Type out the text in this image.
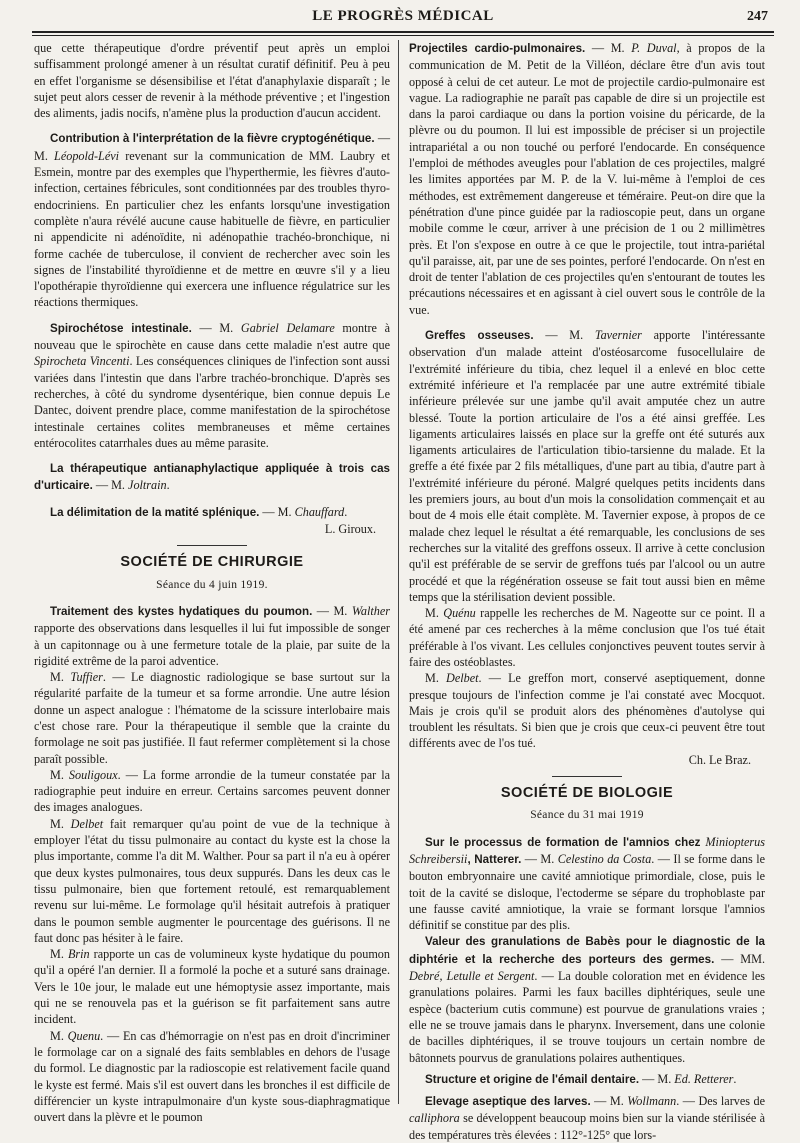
LE PROGRÈS MÉDICAL	247

que cette thérapeutique d'ordre préventif peut après un emploi suffisamment prolongé amener à un résultat curatif définitif. Peu à peu en effet l'organisme se désensibilise et l'état d'anaphylaxie disparaît ; le sujet peut alors cesser de revenir à la méthode préventive ; et l'ingestion des aliments, jadis nocifs, n'amène plus la production d'aucun accident.

Contribution à l'interprétation de la fièvre cryptogénétique. — M. Léopold-Lévi revenant sur la communication de MM. Laubry et Esmein, montre par des exemples que l'hyperthermie, les fièvres d'auto-infection, certaines fébricules, sont conditionnées par des troubles thyro-endocriniens. En particulier chez les enfants lorsqu'une investigation complète n'aura révélé aucune cause habituelle de fièvre, en particulier ni appendicite ni adénoïdite, ni adénopathie trachéo-bronchique, ni forme cachée de tuberculose, il convient de rechercher avec soin les signes de l'instabilité thyroïdienne et de mettre en œuvre s'il y a lieu l'opothérapie thyroïdienne qui exercera une influence régulatrice sur les réactions thermiques.

Spirochétose intestinale. — M. Gabriel Delamare montre à nouveau que le spirochète en cause dans cette maladie n'est autre que Spirocheta Vincenti. Les conséquences cliniques de l'infection sont aussi variées dans l'intestin que dans l'arbre trachéo-bronchique. D'après ses recherches, à côté du syndrome dysentérique, bien connue depuis Le Dantec, doivent prendre place, comme manifestation de la spirochétose intestinale certaines colites membraneuses et même certaines entérocolites catarrhales dues au même parasite.

La thérapeutique antianaphylactique appliquée à trois cas d'urticaire. — M. Joltrain.

La délimitation de la matité splénique. — M. Chauffard.

L. Giroux.

SOCIÉTÉ DE CHIRURGIE
Séance du 4 juin 1919.

Traitement des kystes hydatiques du poumon. — M. Walther rapporte des observations dans lesquelles il lui fut impossible de songer à un capitonnage ou à une fermeture totale de la plaie, par suite de la rigidité extrême de la paroi adventice.

M. Tuffier. — Le diagnostic radiologique se base surtout sur la régularité parfaite de la tumeur et sa forme arrondie. Une autre lésion donne un aspect analogue : l'hématome de la scissure interlobaire mais c'est chose rare. Pour la thérapeutique il semble que la crainte du formolage ne soit pas justifiée. Il faut refermer complètement si la chose paraît possible.

M. Souligoux. — La forme arrondie de la tumeur constatée par la radiographie peut induire en erreur. Certains sarcomes peuvent donner des images analogues.

M. Delbet fait remarquer qu'au point de vue de la technique à employer l'état du tissu pulmonaire au contact du kyste est la chose la plus importante, comme l'a dit M. Walther. Pour sa part il n'a eu à opérer que deux kystes pulmonaires, tous deux suppurés. Dans les deux cas le tissu pulmonaire, bien que fortement retoulé, est remarquablement revenu sur lui-même. Le formolage qu'il hésitait autrefois à pratiquer dans le poumon semble augmenter le pourcentage des guérisons. Il ne faut donc pas hésiter à le faire.

M. Brin rapporte un cas de volumineux kyste hydatique du poumon qu'il a opéré l'an dernier. Il a formolé la poche et a suturé sans drainage. Vers le 10e jour, le malade eut une hémoptysie assez importante, mais qui ne se renouvela pas et la guérison se fit parfaitement sans autre incident.

M. Quenu. — En cas d'hémorragie on n'est pas en droit d'incriminer le formolage car on a signalé des faits semblables en dehors de l'usage du formol. Le diagnostic par la radioscopie est relativement facile quand le kyste est fermé. Mais s'il est ouvert dans les bronches il est difficile de différencier un kyste intrapulmonaire d'un kyste sous-diaphragmatique ouvert dans la plèvre et le poumon

Projectiles cardio-pulmonaires. — M. P. Duval, à propos de la communication de M. Petit de la Villéon, déclare être d'un avis tout opposé à celui de cet auteur. Le mot de projectile cardio-pulmonaire est vague. La radiographie ne paraît pas capable de dire si un projectile est dans la paroi cardiaque ou dans la portion voisine du péricarde, de la plèvre ou du poumon. Il lui est impossible de préciser si un projectile intrapariétal a ou non touché ou perforé l'endocarde. En conséquence l'emploi de méthodes aveugles pour l'ablation de ces projectiles, malgré les limites apportées par M. P. de la V. lui-même à l'emploi de ces méthodes, est extrêmement dangereuse et téméraire. Peut-on dire que la pénétration d'une pince guidée par la radioscopie peut, dans un organe mobile comme le cœur, arriver à une précision de 1 ou 2 millimètres près. Et l'on s'expose en outre à ce que le projectile, tout intra-pariétal qu'il paraisse, ait, par une de ses pointes, perforé l'endocarde. On n'est en droit de tenter l'ablation de ces projectiles qu'en s'entourant de toutes les précautions nécessaires et en agissant à ciel ouvert sous le contrôle de la vue.

Greffes osseuses. — M. Tavernier apporte l'intéressante observation d'un malade atteint d'ostéosarcome fusocellulaire de l'extrémité inférieure du tibia, chez lequel il a enlevé en bloc cette extrémité inférieure et l'a remplacée par une autre extrémité tibiale inférieure prélevée sur une jambe qu'il avait amputée chez un autre blessé. Toute la portion articulaire de l'os a été ainsi greffée. Les ligaments articulaires laissés en place sur la greffe ont été suturés aux ligaments articulaires de l'articulation tibio-tarsienne du malade. Et la greffe a été fixée par 2 fils métalliques, d'une part au tibia, d'autre part à l'extrémité inférieure du péroné. Malgré quelques petits incidents dans les premiers jours, au bout d'un mois la consolidation commençait et au bout de 4 mois elle était complète. M. Tavernier expose, à propos de ce malade chez lequel le résultat a été remarquable, les conclusions de ses recherches sur la vitalité des greffons osseux. Il arrive à cette conclusion qu'il est préférable de se servir de greffons tués par l'alcool ou un autre procédé et que la régénération osseuse se fait tout aussi bien en même temps que la stérilisation devient possible.

M. Quénu rappelle les recherches de M. Nageotte sur ce point. Il a été amené par ces recherches à la même conclusion que l'os tué était préférable à l'os vivant. Les cellules conjonctives peuvent toutes servir à faire des ostéoblastes.

M. Delbet. — Le greffon mort, conservé aseptiquement, donne presque toujours de l'infection comme je l'ai constaté avec Mocquot. Mais je crois qu'il se produit alors des phénomènes d'autolyse qui troublent les résultats. Si bien que je crois que ceux-ci peuvent être tout différents avec de l'os tué.

Ch. Le Braz.

SOCIÉTÉ DE BIOLOGIE
Séance du 31 mai 1919

Sur le processus de formation de l'amnios chez Miniopterus Schreibersii, Natterer. — M. Celestino da Costa. — Il se forme dans le bouton embryonnaire une cavité amniotique primordiale, close, puis le toit de la cavité se disloque, l'ectoderme se sépare du trophoblaste par une fausse cavité amniotique, la vraie se formant lorsque l'amnios définitif se constitue par des plis.

Valeur des granulations de Babès pour le diagnostic de la diphtérie et la recherche des porteurs des germes. — MM. Debré, Letulle et Sergent. — La double coloration met en évidence les granulations polaires. Parmi les faux bacilles diphtériques, seule une espèce (bacterium cutis commune) est pourvue de granulations vraies ; elle ne se trouve jamais dans le pharynx. Inversement, dans une colonie de bacilles diphtériques, il se trouve toujours un certain nombre de bâtonnets pourvus de granulations polaires authentiques.

Structure et origine de l'émail dentaire. — M. Ed. Retterer.

Elevage aseptique des larves. — M. Wollmann. — Des larves de calliphora se développent beaucoup moins bien sur la viande stérilisée à des températures très élevées : 112°-125° que lors-
